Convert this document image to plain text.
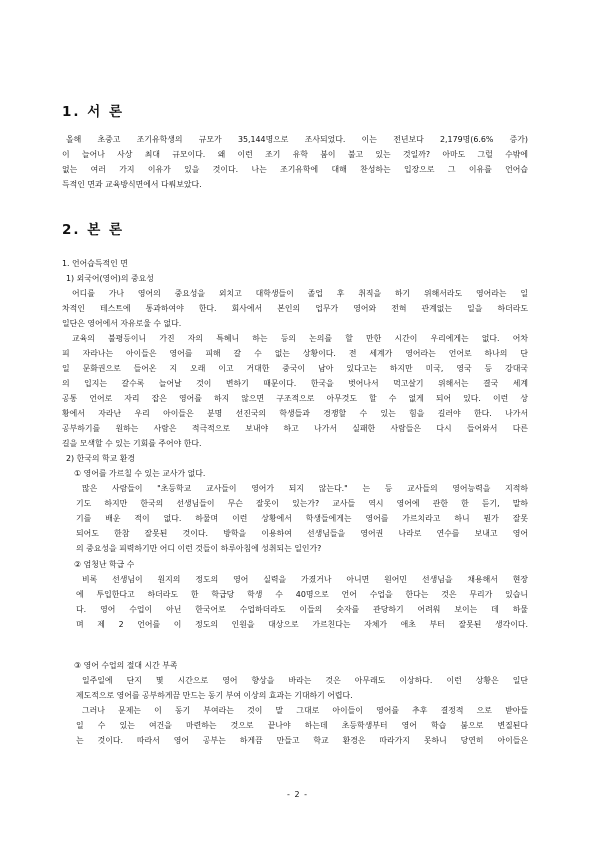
1. 서 론
올해 초중고 조기유학생의 규모가 35,144명으로 조사되었다. 이는 전년보다 2,179명(6.6% 증가)
이 늘어나 사상 최대 규모이다. 왜 이런 조기 유학 붐이 불고 있는 것일까? 아마도 그럴 수밖에
없는 여러 가지 이유가 있을 것이다. 나는 조기유학에 대해 찬성하는 입장으로 그 이유를 언어습
득적인 면과 교육방식면에서 다뤄보았다.
2. 본 론
1. 언어습득적인 면
1) 외국어(영어)의 중요성
어디를 가나 영어의 중요성을 외치고 대학생들이 졸업 후 취직을 하기 위해서라도 영어라는 일
차적인 테스트에 통과하여야 한다. 회사에서 본인의 업무가 영어와 전혀 관계없는 일을 하더라도
일단은 영어에서 자유로울 수 없다.
교육의 불평등이니 가진 자의 특혜니 하는 등의 논의를 할 만한 시간이 우리에게는 없다. 어차
피 자라나는 아이들은 영어를 피해 갈 수 없는 상황이다. 전 세계가 영어라는 언어로 하나의 단
일 문화권으로 들어온 지 오래 이고 거대한 중국이 남아 있다고는 하지만 미국, 영국 등 강대국
의 입지는 갈수록 늘어날 것이 변하기 때문이다. 한국을 벗어나서 먹고살기 위해서는 결국 세계
공통 언어로 자리 잡은 영어를 하지 않으면 구조적으로 아무것도 할 수 없게 되어 있다. 이런 상
황에서 자라난 우리 아이들은 분명 선진국의 학생들과 경쟁할 수 있는 힘을 길러야 한다. 나가서
공부하기를 원하는 사람은 적극적으로 보내야 하고 나가서 실패한 사람들은 다시 들어와서 다른
길을 모색할 수 있는 기회를 주어야 한다.
2) 한국의 학교 환경
① 영어를 가르칠 수 있는 교사가 없다.
많은 사람들이 "초등학교 교사들이 영어가 되지 않는다." 는 등 교사들의 영어능력을 지적하
기도 하지만 한국의 선생님들이 무슨 잘못이 있는가? 교사들 역시 영어에 관한 한 듣기, 말하
기를 배운 적이 없다. 하물며 이런 상황에서 학생들에게는 영어를 가르치라고 하니 뭔가 잘못
되어도 한참 잘못된 것이다. 방학을 이용하여 선생님들을 영어권 나라로 연수를 보내고 영어
의 중요성을 피력하기만 어디 이런 것들이 하루아침에 성취되는 일인가?
② 엄청난 학급 수
비록 선생님이 원지의 정도의 영어 실력을 가졌거나 아니면 원어민 선생님을 채용해서 현장
에 투입한다고 하더라도 한 학급당 학생 수 40명으로 언어 수업을 한다는 것은 무리가 있습니
다. 영어 수업이 아닌 한국어로 수업하더라도 이들의 숫자를 관당하기 어려워 보이는 데 하물
며 제 2 언어를 이 정도의 인원을 대상으로 가르친다는 자체가 애초 부터 잘못된 생각이다.
③ 영어 수업의 절대 시간 부족
일주일에 단지 몇 시간으로 영어 향상을 바라는 것은 아무래도 이상하다. 이런 상황은 일단
제도적으로 영어를 공부하게끔 만드는 동기 부여 이상의 효과는 기대하기 어렵다.
그러나 문제는 이 동기 부여라는 것이 말 그대로 아이들이 영어를 추후 결정적 으로 받아들
일 수 있는 여건을 마련하는 것으로 끝나야 하는데 초등학생부터 영어 학습 붐으로 변질된다
는 것이다. 따라서 영어 공부는 하게끔 만들고 학교 환경은 따라가지 못하니 당연히 아이들은
- 2 -
